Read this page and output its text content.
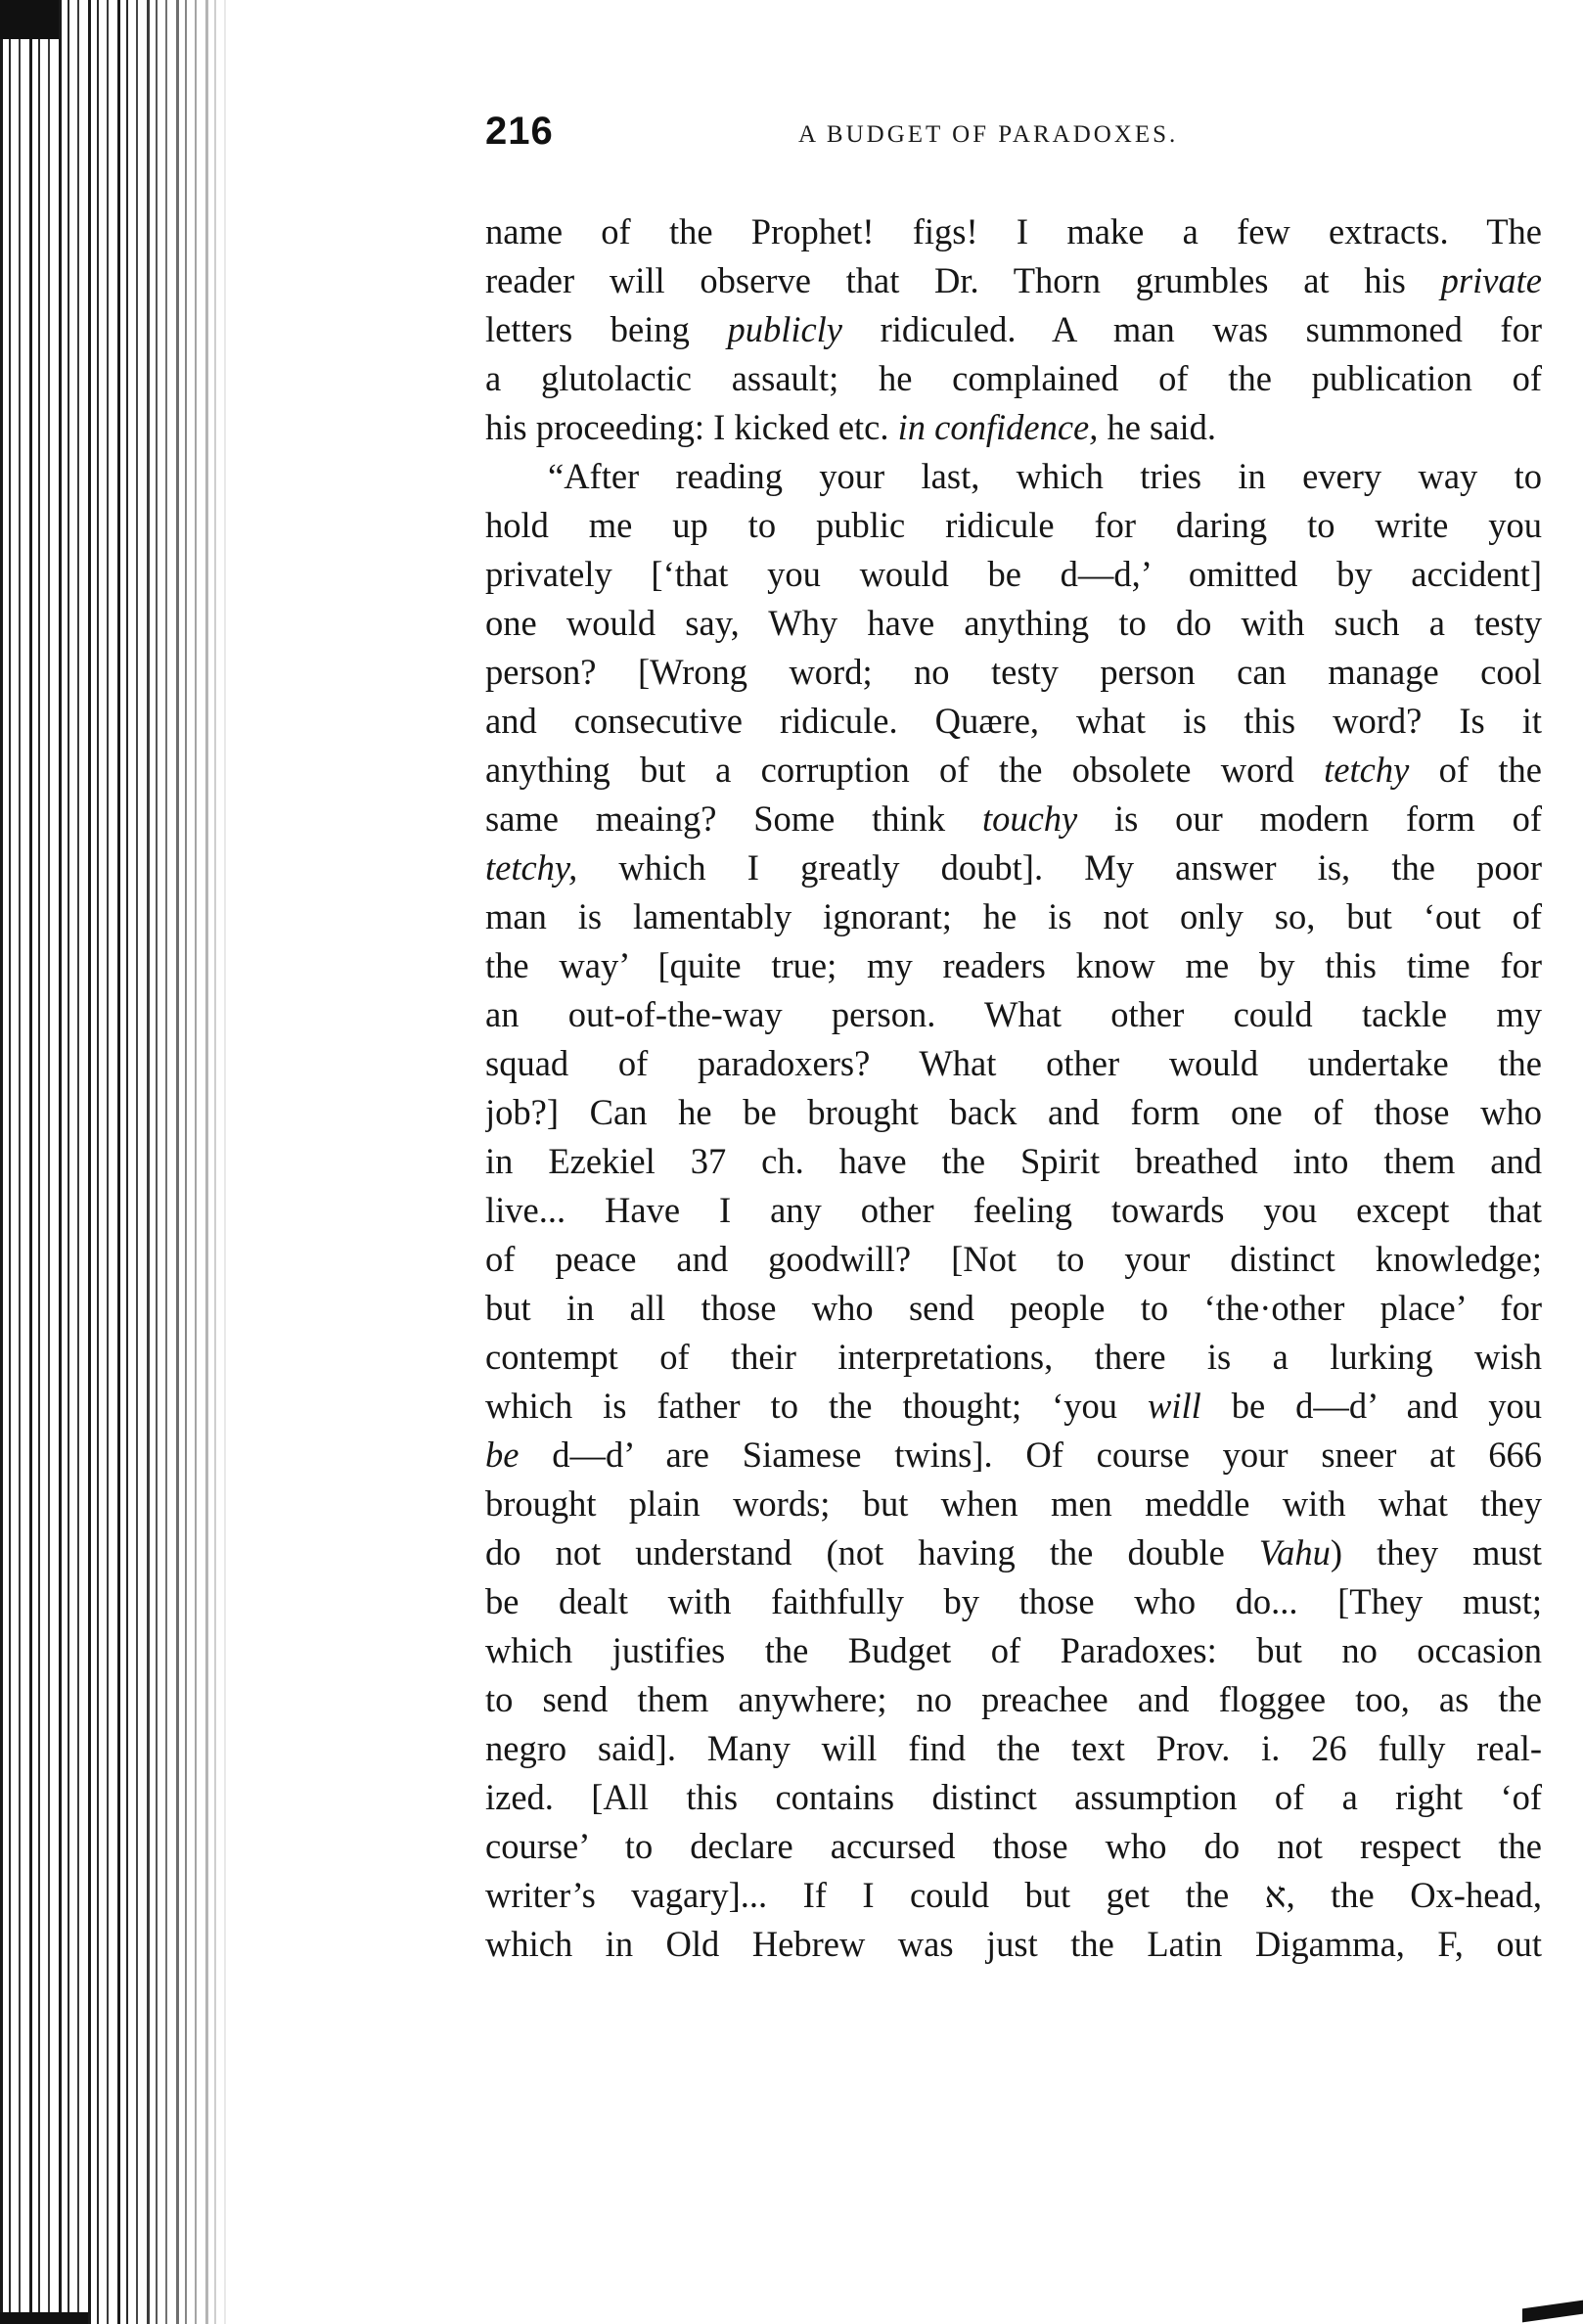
216	A BUDGET OF PARADOXES.
name of the Prophet! figs! I make a few extracts. The
reader will observe that Dr. Thorn grumbles at his private
letters being publicly ridiculed. A man was summoned for
a glutolactic assault; he complained of the publication of
his proceeding: I kicked etc. in confidence, he said.
“After reading your last, which tries in every way to
hold me up to public ridicule for daring to write you
privately [‘that you would be d—d,’ omitted by accident]
one would say, Why have anything to do with such a testy
person? [Wrong word; no testy person can manage cool
and consecutive ridicule. Quære, what is this word? Is it
anything but a corruption of the obsolete word tetchy of the
same meaing? Some think touchy is our modern form of
tetchy, which I greatly doubt]. My answer is, the poor
man is lamentably ignorant; he is not only so, but ‘out of
the way’ [quite true; my readers know me by this time for
an out-of-the-way person. What other could tackle my
squad of paradoxers? What other would undertake the
job?] Can he be brought back and form one of those who
in Ezekiel 37 ch. have the Spirit breathed into them and
live... Have I any other feeling towards you except that
of peace and goodwill? [Not to your distinct knowledge;
but in all those who send people to ‘the·other place’ for
contempt of their interpretations, there is a lurking wish
which is father to the thought; ‘you will be d—d’ and you
be d—d’ are Siamese twins]. Of course your sneer at 666
brought plain words; but when men meddle with what they
do not understand (not having the double Vahu) they must
be dealt with faithfully by those who do... [They must;
which justifies the Budget of Paradoxes: but no occasion
to send them anywhere; no preachee and floggee too, as the
negro said]. Many will find the text Prov. i. 26 fully real-
ized. [All this contains distinct assumption of a right ‘of
course’ to declare accursed those who do not respect the
writer’s vagary]... If I could but get the א, the Ox-head,
which in Old Hebrew was just the Latin Digamma, F, out
